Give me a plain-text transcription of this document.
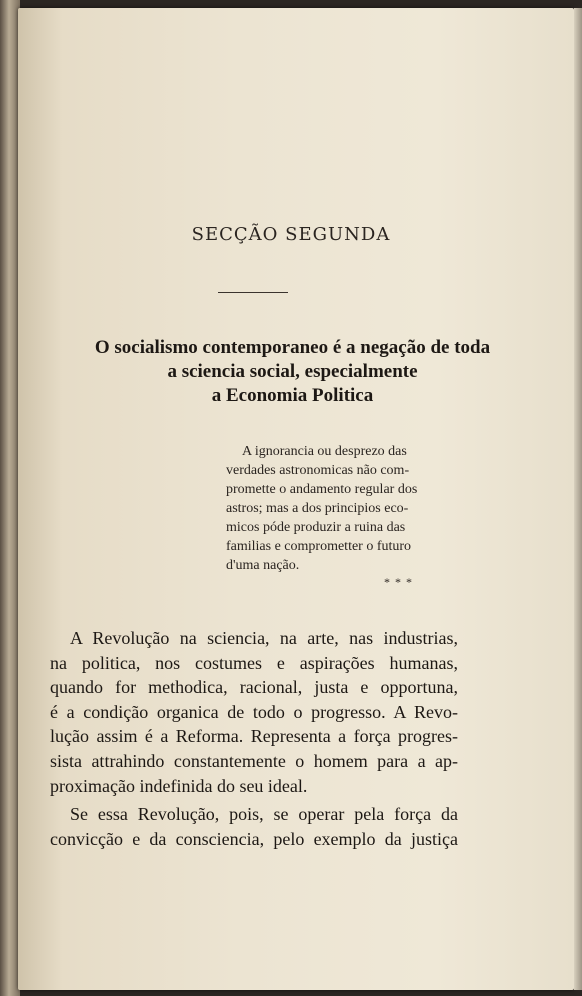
SECÇÃO SEGUNDA
O socialismo contemporaneo é a negação de toda
a sciencia social, especialmente
a Economia Politica
A ignorancia ou desprezo das
verdades astronomicas não com-
promette o andamento regular dos
astros; mas a dos principios eco-
micos póde produzir a ruina das
familias e comprometter o futuro
d'uma nação.
* * *

A Revolução na sciencia, na arte, nas industrias,
na politica, nos costumes e aspirações humanas,
quando for methodica, racional, justa e opportuna,
é a condição organica de todo o progresso. A Revo-
lução assim é a Reforma. Representa a força progres-
sista attrahindo constantemente o homem para a ap-
proximação indefinida do seu ideal.

Se essa Revolução, pois, se operar pela força da
convicção e da consciencia, pelo exemplo da justiça
